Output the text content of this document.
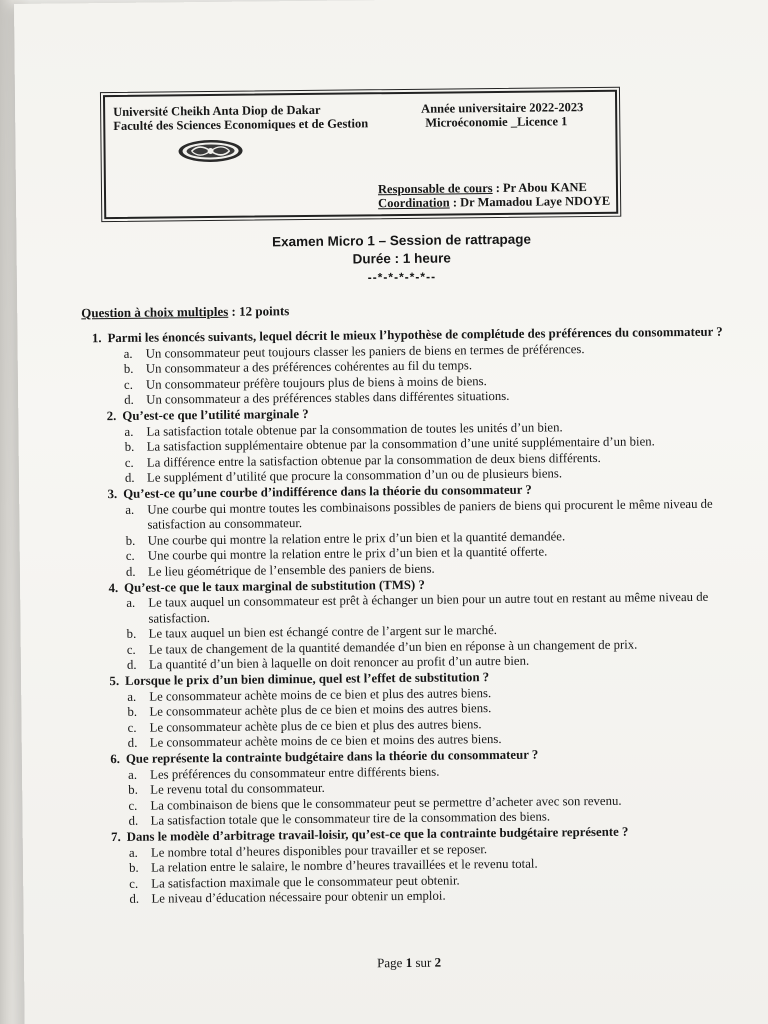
Université Cheikh Anta Diop de Dakar
Faculté des Sciences Economiques et de Gestion
Année universitaire 2022-2023
Microéconomie _Licence 1
Responsable de cours : Pr Abou KANE
Coordination : Dr Mamadou Laye NDOYE
Examen Micro 1 – Session de rattrapage
Durée : 1 heure
--*-*-*-*-*--
Question à choix multiples : 12 points
1. Parmi les énoncés suivants, lequel décrit le mieux l’hypothèse de complétude des préférences du consommateur ?
a.	Un consommateur peut toujours classer les paniers de biens en termes de préférences.
b. Un consommateur a des préférences cohérentes au fil du temps.
c.	Un consommateur préfère toujours plus de biens à moins de biens.
d. Un consommateur a des préférences stables dans différentes situations.
2. Qu’est-ce que l’utilité marginale ?
a.	La satisfaction totale obtenue par la consommation de toutes les unités d’un bien.
b. La satisfaction supplémentaire obtenue par la consommation d’une unité supplémentaire d’un bien.
c.	La différence entre la satisfaction obtenue par la consommation de deux biens différents.
d. Le supplément d’utilité que procure la consommation d’un ou de plusieurs biens.
3. Qu’est-ce qu’une courbe d’indifférence dans la théorie du consommateur ?
a.	Une courbe qui montre toutes les combinaisons possibles de paniers de biens qui procurent le même niveau de satisfaction au consommateur.
b. Une courbe qui montre la relation entre le prix d’un bien et la quantité demandée.
c.	Une courbe qui montre la relation entre le prix d’un bien et la quantité offerte.
d. Le lieu géométrique de l’ensemble des paniers de biens.
4. Qu’est-ce que le taux marginal de substitution (TMS) ?
a.	Le taux auquel un consommateur est prêt à échanger un bien pour un autre tout en restant au même niveau de satisfaction.
b. Le taux auquel un bien est échangé contre de l’argent sur le marché.
c.	Le taux de changement de la quantité demandée d’un bien en réponse à un changement de prix.
d. La quantité d’un bien à laquelle on doit renoncer au profit d’un autre bien.
5. Lorsque le prix d’un bien diminue, quel est l’effet de substitution ?
a.	Le consommateur achète moins de ce bien et plus des autres biens.
b. Le consommateur achète plus de ce bien et moins des autres biens.
c.	Le consommateur achète plus de ce bien et plus des autres biens.
d. Le consommateur achète moins de ce bien et moins des autres biens.
6. Que représente la contrainte budgétaire dans la théorie du consommateur ?
a.	Les préférences du consommateur entre différents biens.
b. Le revenu total du consommateur.
c.	La combinaison de biens que le consommateur peut se permettre d’acheter avec son revenu.
d. La satisfaction totale que le consommateur tire de la consommation des biens.
7. Dans le modèle d’arbitrage travail-loisir, qu’est-ce que la contrainte budgétaire représente ?
a.	Le nombre total d’heures disponibles pour travailler et se reposer.
b. La relation entre le salaire, le nombre d’heures travaillées et le revenu total.
c.	La satisfaction maximale que le consommateur peut obtenir.
d. Le niveau d’éducation nécessaire pour obtenir un emploi.
Page 1 sur 2
